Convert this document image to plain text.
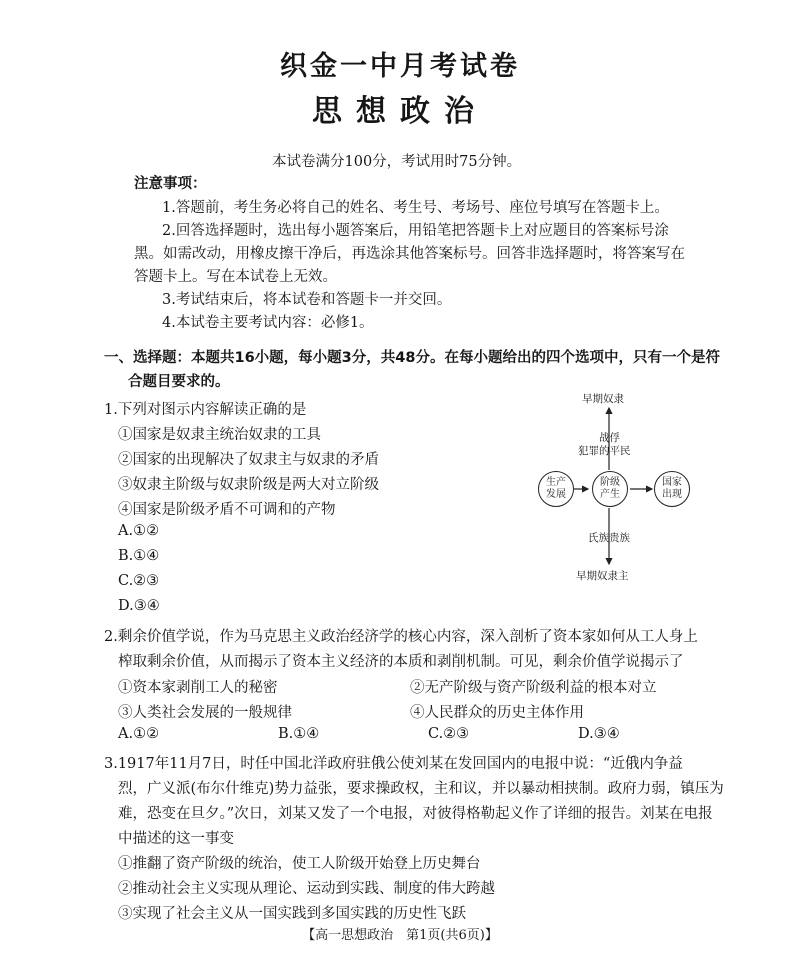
织金一中月考试卷
思想政治
本试卷满分100分，考试用时75分钟。
注意事项：
1.答题前，考生务必将自己的姓名、考生号、考场号、座位号填写在答题卡上。
2.回答选择题时，选出每小题答案后，用铅笔把答题卡上对应题目的答案标号涂
黑。如需改动，用橡皮擦干净后，再选涂其他答案标号。回答非选择题时，将答案写在
答题卡上。写在本试卷上无效。
3.考试结束后，将本试卷和答题卡一并交回。
4.本试卷主要考试内容：必修1。
一、选择题：本题共16小题，每小题3分，共48分。在每小题给出的四个选项中，只有一个是符
合题目要求的。
1.下列对图示内容解读正确的是
①国家是奴隶主统治奴隶的工具
②国家的出现解决了奴隶主与奴隶的矛盾
③奴隶主阶级与奴隶阶级是两大对立阶级
④国家是阶级矛盾不可调和的产物
A.①②
B.①④
C.②③
D.③④
早期奴隶
战俘
犯罪的平民
生产
发展
阶级
产生
国家
出现
氏族贵族
早期奴隶主
2.剩余价值学说，作为马克思主义政治经济学的核心内容，深入剖析了资本家如何从工人身上
榨取剩余价值，从而揭示了资本主义经济的本质和剥削机制。可见，剩余价值学说揭示了
①资本家剥削工人的秘密	②无产阶级与资产阶级利益的根本对立
③人类社会发展的一般规律	④人民群众的历史主体作用
A.①②	B.①④	C.②③	D.③④
3.1917年11月7日，时任中国北洋政府驻俄公使刘某在发回国内的电报中说：“近俄内争益
烈，广义派(布尔什维克)势力益张，要求操政权，主和议，并以暴动相挟制。政府力弱，镇压为
难，恐变在旦夕。”次日，刘某又发了一个电报，对彼得格勒起义作了详细的报告。刘某在电报
中描述的这一事变
①推翻了资产阶级的统治，使工人阶级开始登上历史舞台
②推动社会主义实现从理论、运动到实践、制度的伟大跨越
③实现了社会主义从一国实践到多国实践的历史性飞跃
【高一思想政治　第1页(共6页)】
